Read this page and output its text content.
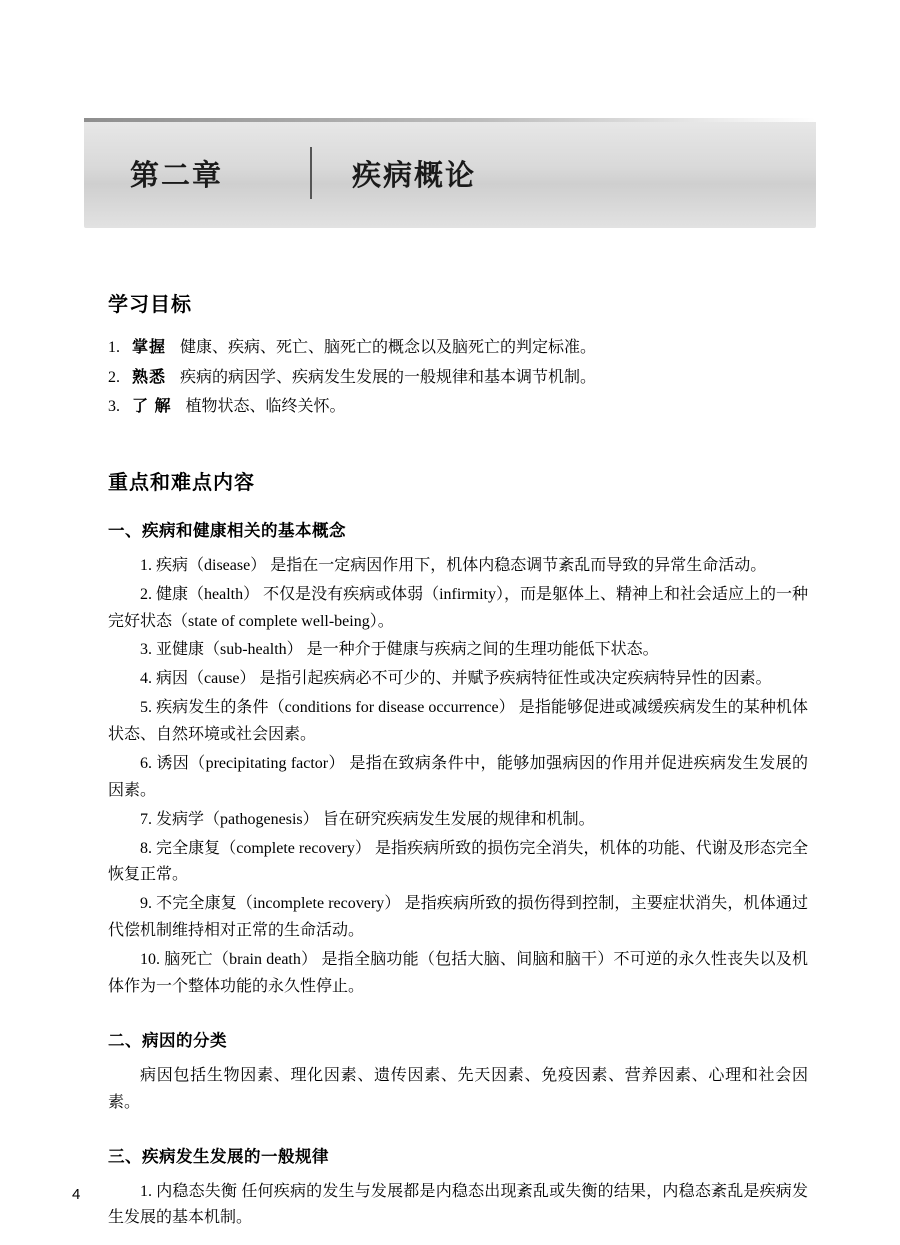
第二章	疾病概论
学习目标
1. 掌握 健康、疾病、死亡、脑死亡的概念以及脑死亡的判定标准。
2. 熟悉 疾病的病因学、疾病发生发展的一般规律和基本调节机制。
3. 了 解 植物状态、临终关怀。
重点和难点内容
一、疾病和健康相关的基本概念

1. 疾病（disease） 是指在一定病因作用下，机体内稳态调节紊乱而导致的异常生命活动。

2. 健康（health） 不仅是没有疾病或体弱（infirmity），而是躯体上、精神上和社会适应上的一种完好状态（state of complete well-being）。

3. 亚健康（sub-health） 是一种介于健康与疾病之间的生理功能低下状态。

4. 病因（cause） 是指引起疾病必不可少的、并赋予疾病特征性或决定疾病特异性的因素。

5. 疾病发生的条件（conditions for disease occurrence） 是指能够促进或减缓疾病发生的某种机体状态、自然环境或社会因素。

6. 诱因（precipitating factor） 是指在致病条件中，能够加强病因的作用并促进疾病发生发展的因素。

7. 发病学（pathogenesis） 旨在研究疾病发生发展的规律和机制。

8. 完全康复（complete recovery） 是指疾病所致的损伤完全消失，机体的功能、代谢及形态完全恢复正常。

9. 不完全康复（incomplete recovery） 是指疾病所致的损伤得到控制，主要症状消失，机体通过代偿机制维持相对正常的生命活动。

10. 脑死亡（brain death） 是指全脑功能（包括大脑、间脑和脑干）不可逆的永久性丧失以及机体作为一个整体功能的永久性停止。

二、病因的分类

病因包括生物因素、理化因素、遗传因素、先天因素、免疫因素、营养因素、心理和社会因素。

三、疾病发生发展的一般规律

1. 内稳态失衡 任何疾病的发生与发展都是内稳态出现紊乱或失衡的结果，内稳态紊乱是疾病发生发展的基本机制。

4
